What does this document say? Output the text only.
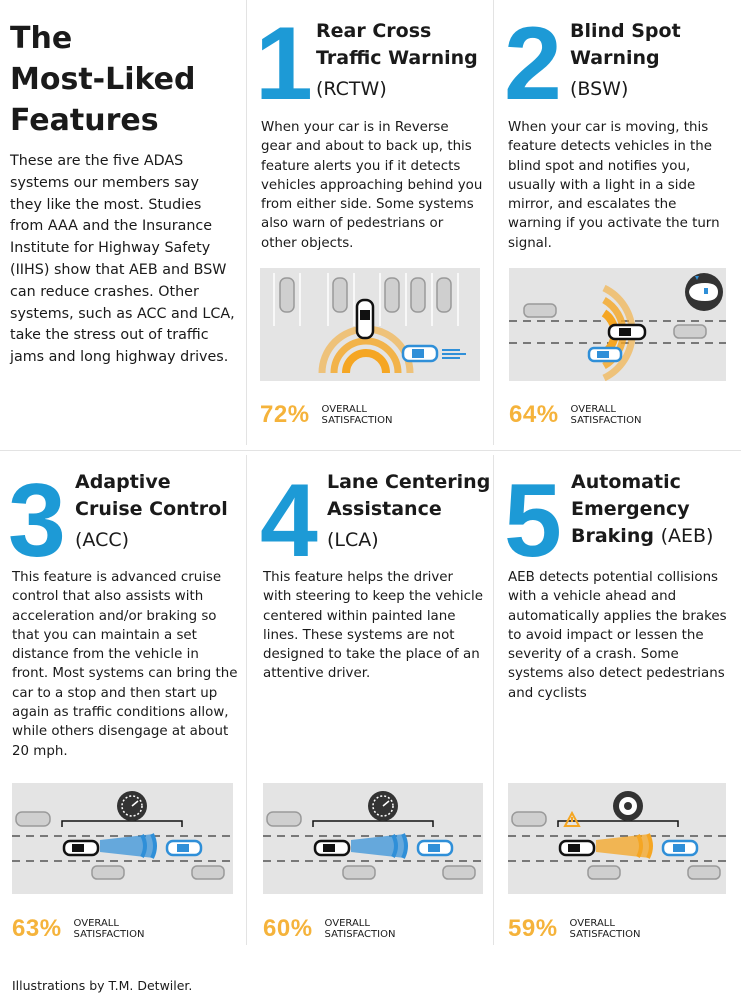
The
Most-Liked
Features

These are the five ADAS systems our members say they like the most. Studies from AAA and the Insurance Institute for Highway Safety (IIHS) show that AEB and BSW can reduce crashes. Other systems, such as ACC and LCA, take the stress out of traffic jams and long highway drives.

1 Rear Cross
Traffic Warning
(RCTW)

When your car is in Reverse gear and about to back up, this feature alerts you if it detects vehicles approaching behind you from either side. Some systems also warn of pedestrians or other objects.

72% OVERALL SATISFACTION
2 Blind Spot
Warning
(BSW)

When your car is moving, this feature detects vehicles in the blind spot and notifies you, usually with a light in a side mirror, and escalates the warning if you activate the turn signal.

64% OVERALL SATISFACTION
3 Adaptive
Cruise Control
(ACC)

This feature is advanced cruise control that also assists with acceleration and/or braking so that you can maintain a set distance from the vehicle in front. Most systems can bring the car to a stop and then start up again as traffic conditions allow, while others disengage at about 20 mph.

63% OVERALL SATISFACTION
4 Lane Centering
Assistance
(LCA)

This feature helps the driver with steering to keep the vehicle centered within painted lane lines. These systems are not designed to take the place of an attentive driver.

60% OVERALL SATISFACTION
5 Automatic
Emergency
Braking (AEB)

AEB detects potential collisions with a vehicle ahead and automatically applies the brakes to avoid impact or lessen the severity of a crash. Some systems also detect pedestrians and cyclists

59% OVERALL SATISFACTION

Illustrations by T.M. Detwiler.
